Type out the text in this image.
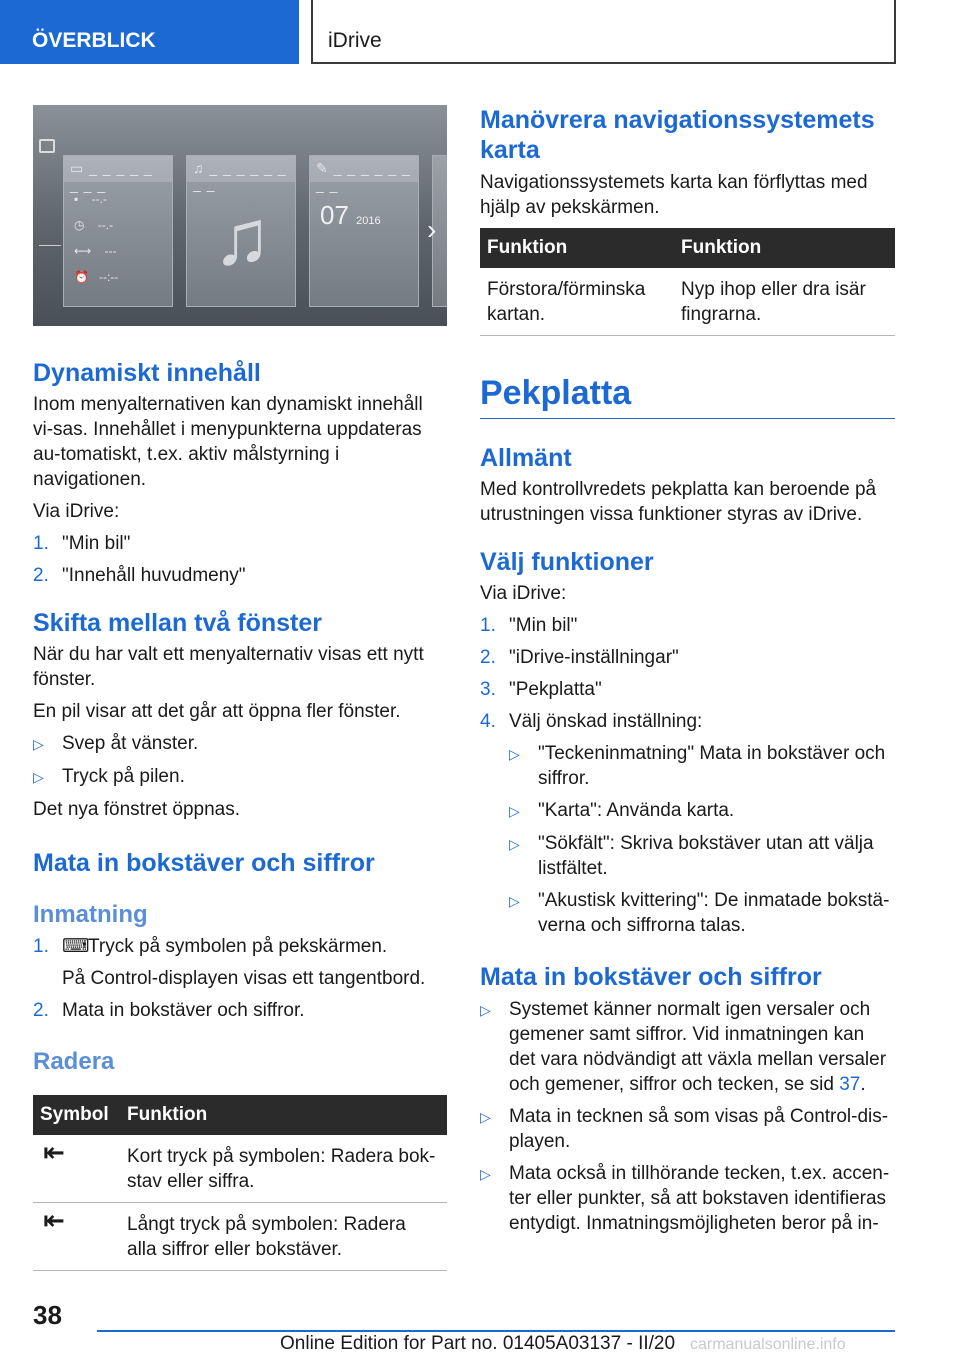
ÖVERBLICK	iDrive
▭ _ _ _ _ _ _ _ _
▪    --.-
◷    --.-
⟷    ---
⏰   --:--
♫ _ _ _ _ _ _ _ _
♫
✎ _ _ _ _ _ _ _ _
07 2016 ›
Dynamiskt innehåll

Inom menyalternativen kan dynamiskt innehåll vi-sas. Innehållet i menypunkterna uppdateras au-tomatiskt, t.ex. aktiv målstyrning i navigationen.

Via iDrive:

1. "Min bil"
2. "Innehåll huvudmeny"
Skifta mellan två fönster

När du har valt ett menyalternativ visas ett nytt fönster.

En pil visar att det går att öppna fler fönster.

▷ Svep åt vänster.
▷ Tryck på pilen.

Det nya fönstret öppnas.

Mata in bokstäver och siffror
Inmatning
1. ⌨Tryck på symbolen på pekskärmen.

På Control-displayen visas ett tangentbord.

2. Mata in bokstäver och siffror.
Radera
Symbol	Funktion
⇤	Kort tryck på symbolen: Radera bok-stav eller siffra.
⇤	Långt tryck på symbolen: Radera alla siffror eller bokstäver.
Manövrera navigationssystemets karta

Navigationssystemets karta kan förflyttas med hjälp av pekskärmen.

Funktion	Funktion
Förstora/förminska kartan.	Nyp ihop eller dra isär fingrarna.
Pekplatta
Allmänt

Med kontrollvredets pekplatta kan beroende på utrustningen vissa funktioner styras av iDrive.

Välj funktioner

Via iDrive:

1. "Min bil"
2. "iDrive-inställningar"
3. "Pekplatta"
4. Välj önskad inställning:
▷ "Teckeninmatning" Mata in bokstäver och siffror.
▷ "Karta": Använda karta.
▷ "Sökfält": Skriva bokstäver utan att välja listfältet.
▷ "Akustisk kvittering": De inmatade bokstä-verna och siffrorna talas.
Mata in bokstäver och siffror
▷ Systemet känner normalt igen versaler och gemener samt siffror. Vid inmatningen kan det vara nödvändigt att växla mellan versaler och gemener, siffror och tecken, se sid 37.
▷ Mata in tecknen så som visas på Control-dis-playen.
▷ Mata också in tillhörande tecken, t.ex. accen-ter eller punkter, så att bokstaven identifieras entydigt. Inmatningsmöjligheten beror på in-
38
Online Edition for Part no. 01405A03137 - II/20 carmanualsonline.info
